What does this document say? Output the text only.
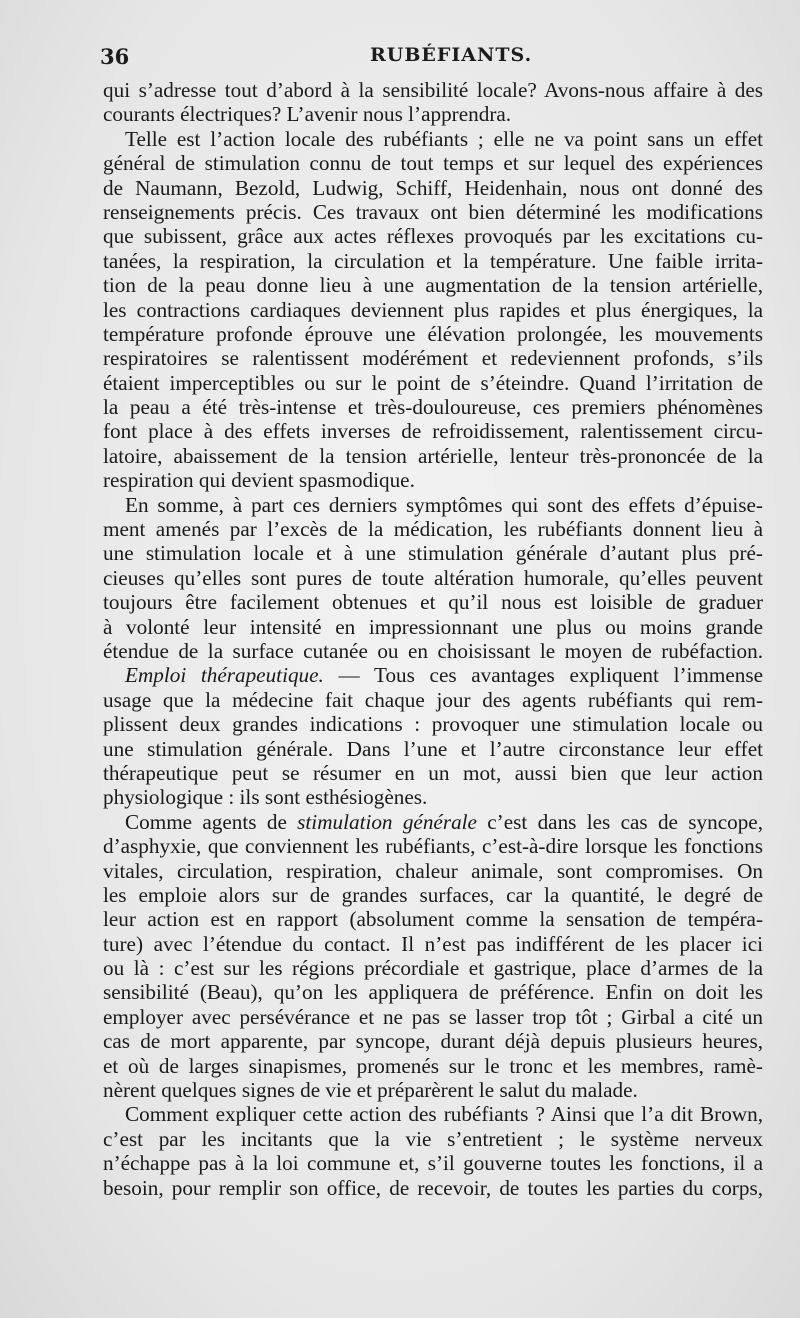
36	RUBÉFIANTS.
qui s’adresse tout d’abord à la sensibilité locale? Avons-nous affaire à des
courants électriques? L’avenir nous l’apprendra.
Telle est l’action locale des rubéfiants ; elle ne va point sans un effet
général de stimulation connu de tout temps et sur lequel des expériences
de Naumann, Bezold, Ludwig, Schiff, Heidenhain, nous ont donné des
renseignements précis. Ces travaux ont bien déterminé les modifications
que subissent, grâce aux actes réflexes provoqués par les excitations cu-
tanées, la respiration, la circulation et la température. Une faible irrita-
tion de la peau donne lieu à une augmentation de la tension artérielle,
les contractions cardiaques deviennent plus rapides et plus énergiques, la
température profonde éprouve une élévation prolongée, les mouvements
respiratoires se ralentissent modérément et redeviennent profonds, s’ils
étaient imperceptibles ou sur le point de s’éteindre. Quand l’irritation de
la peau a été très-intense et très-douloureuse, ces premiers phénomènes
font place à des effets inverses de refroidissement, ralentissement circu-
latoire, abaissement de la tension artérielle, lenteur très-prononcée de la
respiration qui devient spasmodique.
En somme, à part ces derniers symptômes qui sont des effets d’épuise-
ment amenés par l’excès de la médication, les rubéfiants donnent lieu à
une stimulation locale et à une stimulation générale d’autant plus pré-
cieuses qu’elles sont pures de toute altération humorale, qu’elles peuvent
toujours être facilement obtenues et qu’il nous est loisible de graduer
à volonté leur intensité en impressionnant une plus ou moins grande
étendue de la surface cutanée ou en choisissant le moyen de rubéfaction.
Emploi thérapeutique. — Tous ces avantages expliquent l’immense
usage que la médecine fait chaque jour des agents rubéfiants qui rem-
plissent deux grandes indications : provoquer une stimulation locale ou
une stimulation générale. Dans l’une et l’autre circonstance leur effet
thérapeutique peut se résumer en un mot, aussi bien que leur action
physiologique : ils sont esthésiogènes.
Comme agents de stimulation générale c’est dans les cas de syncope,
d’asphyxie, que conviennent les rubéfiants, c’est-à-dire lorsque les fonctions
vitales, circulation, respiration, chaleur animale, sont compromises. On
les emploie alors sur de grandes surfaces, car la quantité, le degré de
leur action est en rapport (absolument comme la sensation de tempéra-
ture) avec l’étendue du contact. Il n’est pas indifférent de les placer ici
ou là : c’est sur les régions précordiale et gastrique, place d’armes de la
sensibilité (Beau), qu’on les appliquera de préférence. Enfin on doit les
employer avec persévérance et ne pas se lasser trop tôt ; Girbal a cité un
cas de mort apparente, par syncope, durant déjà depuis plusieurs heures,
et où de larges sinapismes, promenés sur le tronc et les membres, ramè-
nèrent quelques signes de vie et préparèrent le salut du malade.
Comment expliquer cette action des rubéfiants ? Ainsi que l’a dit Brown,
c’est par les incitants que la vie s’entretient ; le système nerveux
n’échappe pas à la loi commune et, s’il gouverne toutes les fonctions, il a
besoin, pour remplir son office, de recevoir, de toutes les parties du corps,
